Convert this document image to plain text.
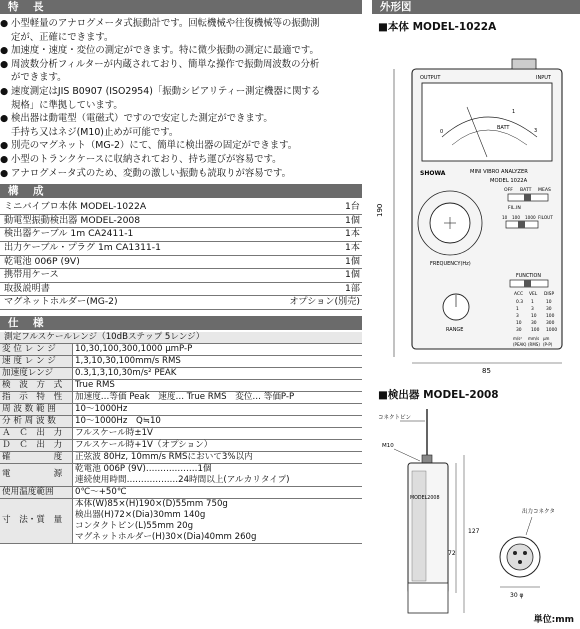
特　長
● 小型軽量のアナログメータ式振動計です。回転機械や往復機械等の振動測
定が、正確にできます。
● 加速度・速度・変位の測定ができます。特に微少振動の測定に最適です。
● 周波数分析フィルターが内蔵されており、簡単な操作で振動周波数の分析
ができます。
● 速度測定はJIS B0907 (ISO2954)「振動シビアリティー測定機器に関する
規格」に準拠しています。
● 検出器は動電型（電磁式）ですので安定した測定ができます。
手持ち又はネジ(M10)止めが可能です。
● 別売のマグネット（MG-2）にて、簡単に検出器の固定ができます。
● 小型のトランクケースに収納されており、持ち運びが容易です。
● アナログメータ式のため、変動の激しい振動も読取りが容易です。
構　成
ミニバイブロ本体 MODEL-1022A	1台
動電型振動検出器 MODEL-2008	1個
検出器ケーブル 1m CA2411-1	1本
出力ケーブル・プラグ 1m CA1311-1	1本
乾電池 006P (9V)	1個
携帯用ケース	1個
取扱説明書	1部
マグネットホルダー(MG-2)	オプション(別売)
仕　様
測定フルスケールレンジ（10dBステップ 5レンジ）	
変 位 レ ン ジ	10,30,100,300,1000 μmP-P

速 度 レ ン ジ	1,3,10,30,100mm/s RMS

加速度レンジ	0.3,1,3,10,30m/s² PEAK

検　波　方　式	True RMS

指　示　特　性	加速度…等価 Peak　速度… True RMS　変位… 等価P-P

周 波 数 範 囲	10〜1000Hz

分 析 周 波 数	10〜1000Hz　Q≒10

Ａ　Ｃ　出　力	フルスケール時±1V

Ｄ　Ｃ　出　力	フルスケール時+1V（オプション）

確　　　　　度	正弦波 80Hz, 10mm/s RMSにおいて3%以内

電　　　　　源	乾電池 006P (9V)………………1個
連続使用時間………………24時間以上(アルカリタイプ)

使用温度範囲	0℃〜+50℃

寸　法・質　量	本体(W)85×(H)190×(D)55mm 750g
検出器(H)72×(Dia)30mm 140g
コンタクトピン(L)55mm 20g
マグネットホルダー(H)30×(Dia)40mm 260g
外形図
■本体 MODEL-1022A
190
OUTPUT	INPUT
0
1
3
BATT
SHOWA	MINI VIBRO ANALYZER
MODEL 1022A
FREQUENCY(Hz)
OFF BATT MEAS
FIL.IN
10 100 1000 FILOUT
FUNCTION
ACC VEL DISP
0.3 1	10
1	3	30
3	10 100
10 30 300
30 100 1000
m/s² mm/s μm
(PEAK) (RMS) (P-P)
RANGE
85
■検出器 MODEL-2008
コネクトピン
M10
MODEL2008
127
72
出力コネクタ
30 φ
単位:mm
